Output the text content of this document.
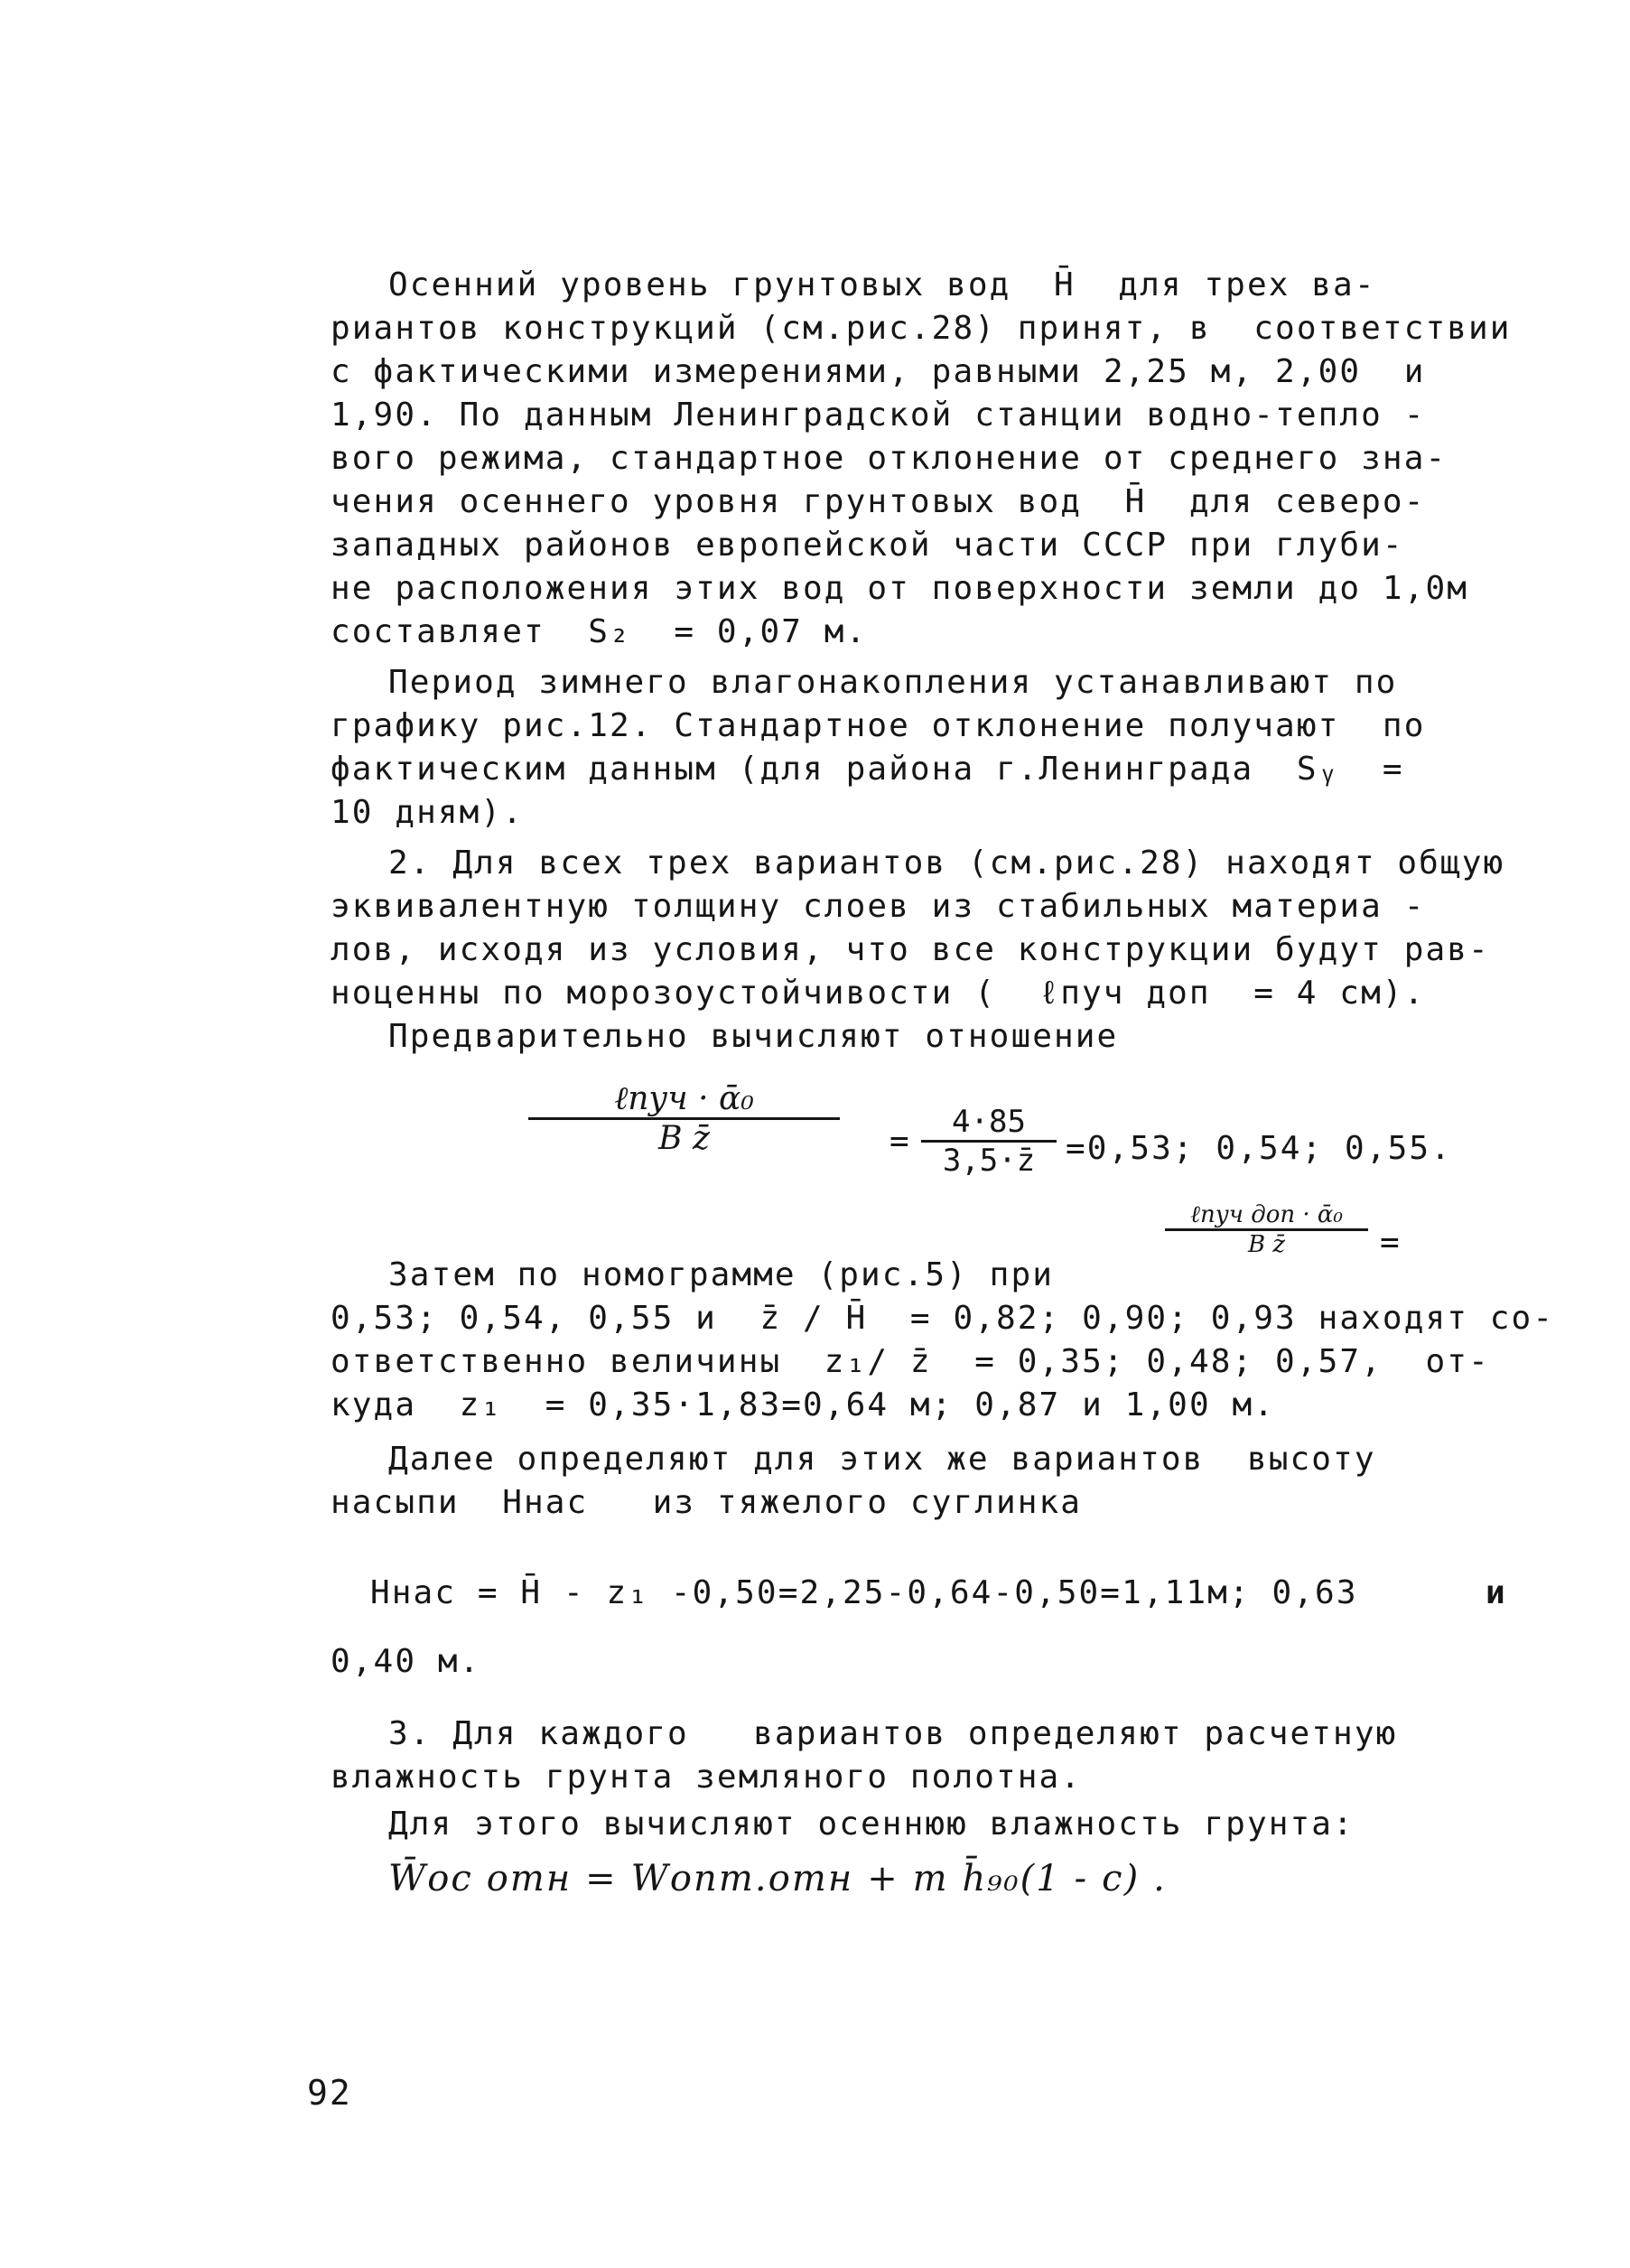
Осенний уровень грунтовых вод  H̄  для трех ва-
риантов конструкций (см.рис.28) принят, в  соответствии
с фактическими измерениями, равными 2,25 м, 2,00  и
1,90. По данным Ленинградской станции водно-тепло -
вого режима, стандартное отклонение от среднего зна-
чения осеннего уровня грунтовых вод  H̄  для северо-
западных районов европейской части СССР при глуби-
не расположения этих вод от поверхности земли до 1,0м
составляет  S₂  = 0,07 м.
Период зимнего влагонакопления устанавливают по
графику рис.12. Стандартное отклонение получают  по
фактическим данным (для района г.Ленинграда  Sᵧ  =
10 дням).
2. Для всех трех вариантов (см.рис.28) находят общую
эквивалентную толщину слоев из стабильных материа -
лов, исходя из условия, что все конструкции будут рав-
ноценны по морозоустойчивости (  ℓпуч доп  = 4 см).
Предварительно вычисляют отношение
ℓпуч · ᾱ₀
B z̄	=
4·85
3,5·z̄ =0,53; 0,54; 0,55.
ℓпуч доп · ᾱ₀
B z̄	=
Затем по номограмме (рис.5) при
0,53; 0,54, 0,55 и  z̄ / H̄  = 0,82; 0,90; 0,93 находят со-
ответственно величины  z₁/ z̄  = 0,35; 0,48; 0,57,  от-
куда  z₁  = 0,35·1,83=0,64 м; 0,87 и 1,00 м.
Далее определяют для этих же вариантов  высоту
насыпи  Hнас   из тяжелого суглинка
Hнас = H̄ - z₁ -0,50=2,25-0,64-0,50=1,11м; 0,63	и
0,40 м.
3. Для каждого   вариантов определяют расчетную
влажность грунта земляного полотна.
Для этого вычисляют осеннюю влажность грунта:
W̄ос отн = Wопт.отн + m h̄₉₀(1 - c) .
92
